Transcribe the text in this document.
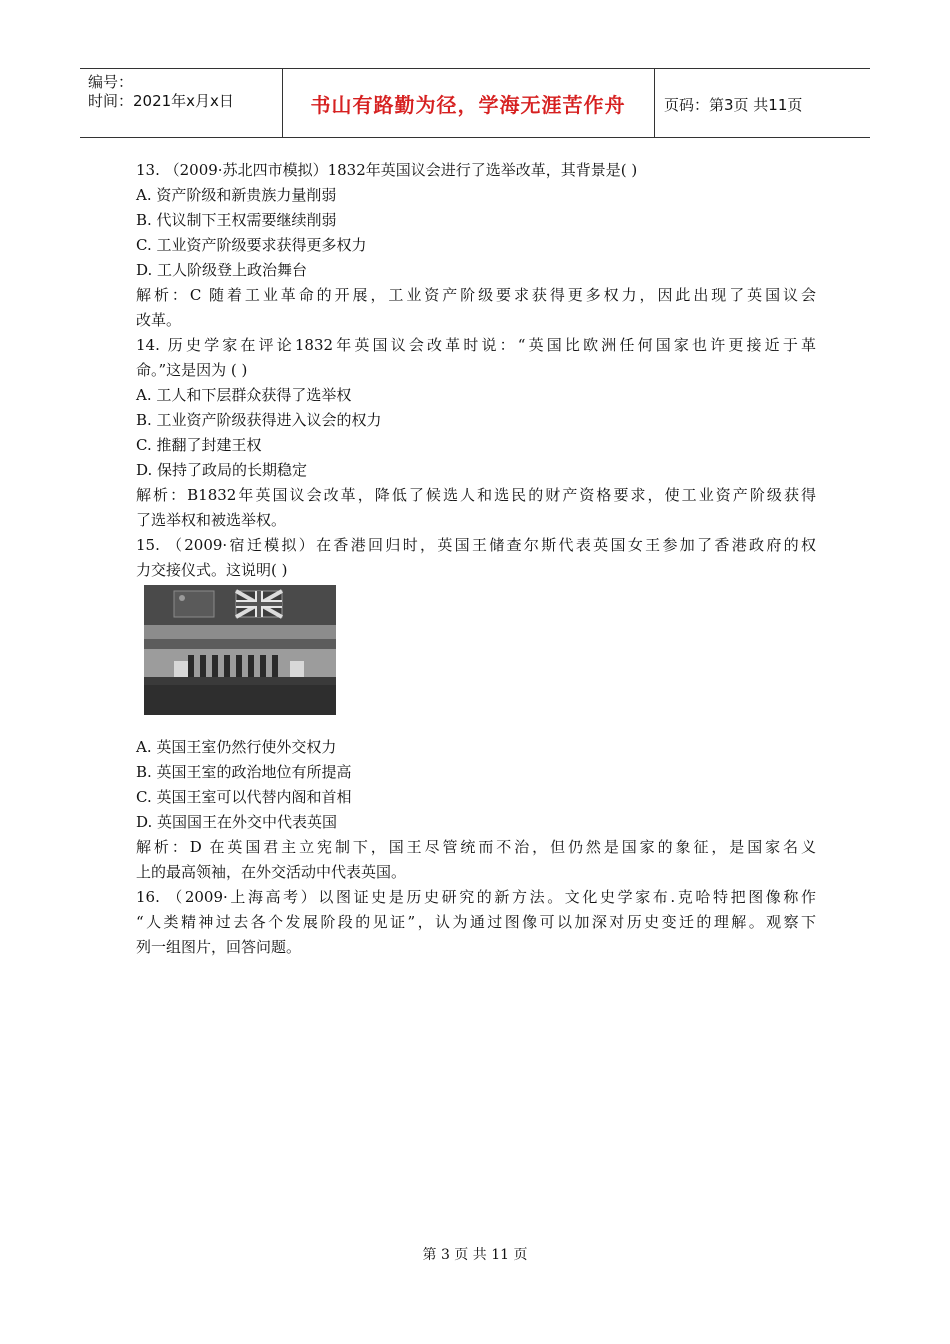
编号：
时间：2021年x月x日	书山有路勤为径，学海无涯苦作舟	页码：第3页 共11页
13. （2009·苏北四市模拟）1832年英国议会进行了选举改革，其背景是( )
A. 资产阶级和新贵族力量削弱
B. 代议制下王权需要继续削弱
C. 工业资产阶级要求获得更多权力
D. 工人阶级登上政治舞台
解析：C 随着工业革命的开展，工业资产阶级要求获得更多权力，因此出现了英国议会
改革。
14. 历史学家在评论1832年英国议会改革时说：“英国比欧洲任何国家也许更接近于革
命。”这是因为 ( )
A. 工人和下层群众获得了选举权
B. 工业资产阶级获得进入议会的权力
C. 推翻了封建王权
D. 保持了政局的长期稳定
解析：B1832年英国议会改革，降低了候选人和选民的财产资格要求，使工业资产阶级获得
了选举权和被选举权。
15. （2009·宿迁模拟）在香港回归时，英国王储查尔斯代表英国女王参加了香港政府的权
力交接仪式。这说明( )
A. 英国王室仍然行使外交权力
B. 英国王室的政治地位有所提高
C. 英国王室可以代替内阁和首相
D. 英国国王在外交中代表英国
解析：D 在英国君主立宪制下，国王尽管统而不治，但仍然是国家的象征，是国家名义
上的最高领袖，在外交活动中代表英国。
16. （2009·上海高考）以图证史是历史研究的新方法。文化史学家布.克哈特把图像称作
“人类精神过去各个发展阶段的见证”，认为通过图像可以加深对历史变迁的理解。观察下
列一组图片，回答问题。
第 3 页 共 11 页
